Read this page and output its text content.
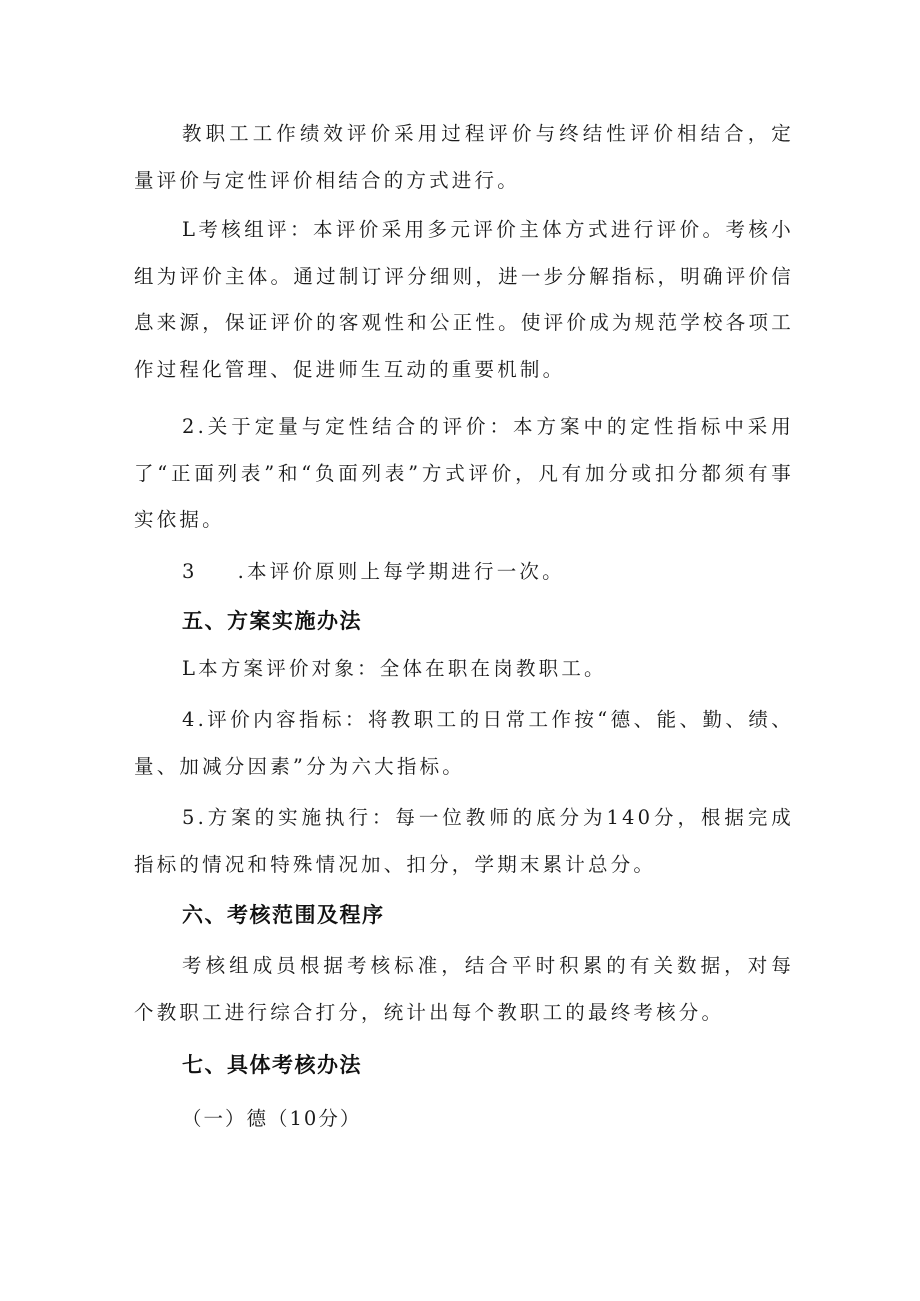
教职工工作绩效评价采用过程评价与终结性评价相结合，定量评价与定性评价相结合的方式进行。

L考核组评：本评价采用多元评价主体方式进行评价。考核小组为评价主体。通过制订评分细则，进一步分解指标，明确评价信息来源，保证评价的客观性和公正性。使评价成为规范学校各项工作过程化管理、促进师生互动的重要机制。

2.关于定量与定性结合的评价：本方案中的定性指标中采用了“正面列表”和“负面列表”方式评价，凡有加分或扣分都须有事实依据。

3 .本评价原则上每学期进行一次。

五、方案实施办法

L本方案评价对象：全体在职在岗教职工。

4.评价内容指标：将教职工的日常工作按“德、能、勤、绩、量、加减分因素”分为六大指标。

5.方案的实施执行：每一位教师的底分为140分，根据完成指标的情况和特殊情况加、扣分，学期末累计总分。

六、考核范围及程序

考核组成员根据考核标准，结合平时积累的有关数据，对每个教职工进行综合打分，统计出每个教职工的最终考核分。

七、具体考核办法

（一）德（10分）
